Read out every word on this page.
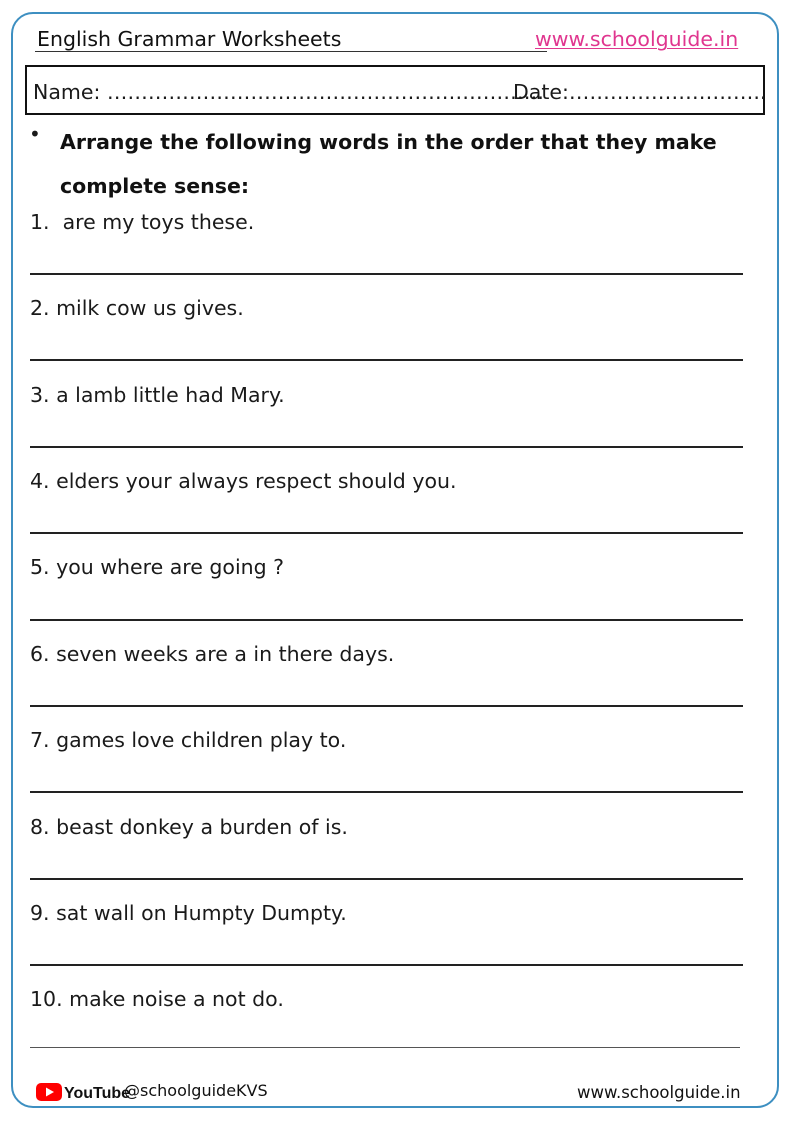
English Grammar Worksheets	www.schoolguide.in
Name: ……………………………………………………….
Date:………………………..
• Arrange the following words in the order that they make complete sense:
1.  are my toys these.
2. milk cow us gives.
3. a lamb little had Mary.
4. elders your always respect should you.
5. you where are going ?
6. seven weeks are a in there days.
7. games love children play to.
8. beast donkey a burden of is.
9. sat wall on Humpty Dumpty.
10. make noise a not do.
YouTube
@schoolguideKVS	www.schoolguide.in
